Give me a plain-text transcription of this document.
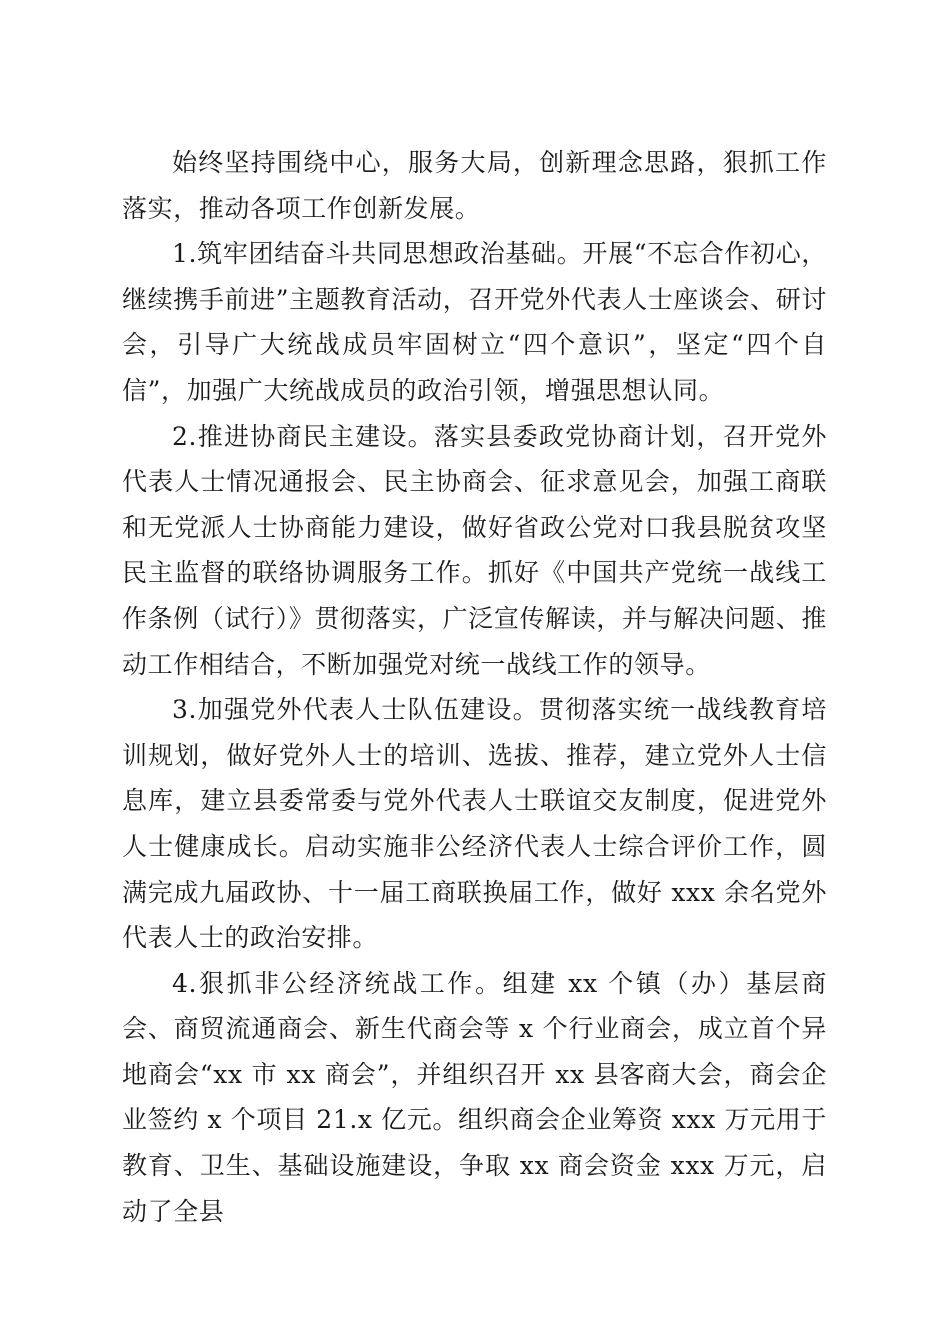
始终坚持围绕中心，服务大局，创新理念思路，狠抓工作落实，推动各项工作创新发展。

1.筑牢团结奋斗共同思想政治基础。开展“不忘合作初心，继续携手前进”主题教育活动，召开党外代表人士座谈会、研讨会，引导广大统战成员牢固树立“四个意识”，坚定“四个自信”，加强广大统战成员的政治引领，增强思想认同。

2.推进协商民主建设。落实县委政党协商计划，召开党外代表人士情况通报会、民主协商会、征求意见会，加强工商联和无党派人士协商能力建设，做好省政公党对口我县脱贫攻坚民主监督的联络协调服务工作。抓好《中国共产党统一战线工作条例（试行）》贯彻落实，广泛宣传解读，并与解决问题、推动工作相结合，不断加强党对统一战线工作的领导。

3.加强党外代表人士队伍建设。贯彻落实统一战线教育培训规划，做好党外人士的培训、选拔、推荐，建立党外人士信息库，建立县委常委与党外代表人士联谊交友制度，促进党外人士健康成长。启动实施非公经济代表人士综合评价工作，圆满完成九届政协、十一届工商联换届工作，做好 xxx 余名党外代表人士的政治安排。

4.狠抓非公经济统战工作。组建 xx 个镇（办）基层商会、商贸流通商会、新生代商会等 x 个行业商会，成立首个异地商会“xx 市 xx 商会”，并组织召开 xx 县客商大会，商会企业签约 x 个项目 21.x 亿元。组织商会企业筹资 xxx 万元用于教育、卫生、基础设施建设，争取 xx 商会资金 xxx 万元，启动了全县
